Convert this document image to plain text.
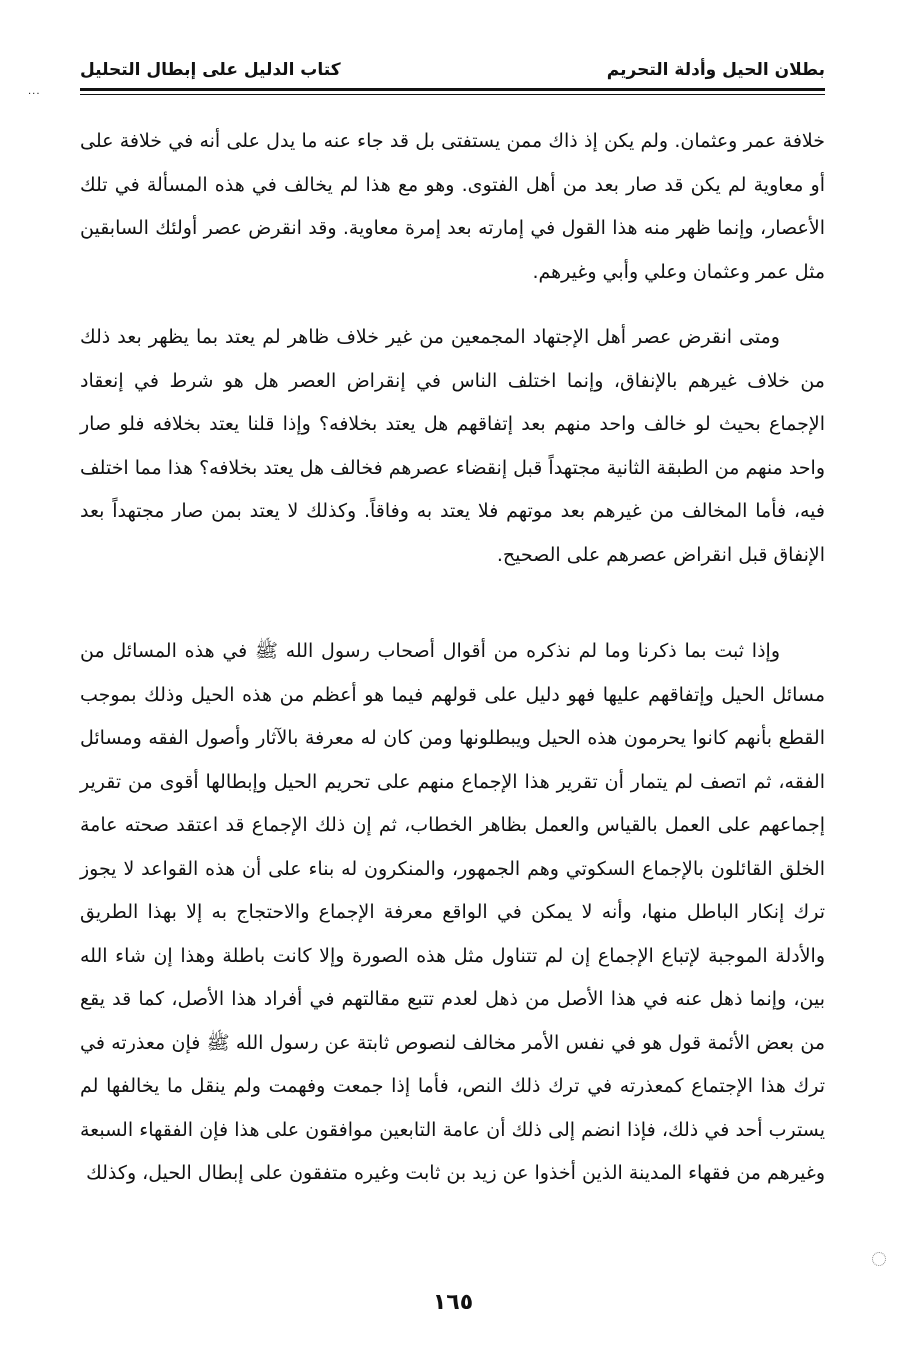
بطلان الحيل وأدلة التحريم
كتاب الدليل على إبطال التحليل
...
خلافة عمر وعثمان. ولم يكن إذ ذاك ممن يستفتى بل قد جاء عنه ما يدل على أنه في خلافة على أو معاوية لم يكن قد صار بعد من أهل الفتوى. وهو مع هذا لم يخالف في هذه المسألة في تلك الأعصار، وإنما ظهر منه هذا القول في إمارته بعد إمرة معاوية. وقد انقرض عصر أولئك السابقين مثل عمر وعثمان وعلي وأبي وغيرهم.
ومتى انقرض عصر أهل الإجتهاد المجمعين من غير خلاف ظاهر لم يعتد بما يظهر بعد ذلك من خلاف غيرهم بالإنفاق، وإنما اختلف الناس في إنقراض العصر هل هو شرط في إنعقاد الإجماع بحيث لو خالف واحد منهم بعد إتفاقهم هل يعتد بخلافه؟ وإذا قلنا يعتد بخلافه فلو صار واحد منهم من الطبقة الثانية مجتهداً قبل إنقضاء عصرهم فخالف هل يعتد بخلافه؟ هذا مما اختلف فيه، فأما المخالف من غيرهم بعد موتهم فلا يعتد به وفاقاً. وكذلك لا يعتد بمن صار مجتهداً بعد الإنفاق قبل انقراض عصرهم على الصحيح.
وإذا ثبت بما ذكرنا وما لم نذكره من أقوال أصحاب رسول الله ﷺ في هذه المسائل من مسائل الحيل وإتفاقهم عليها فهو دليل على قولهم فيما هو أعظم من هذه الحيل وذلك بموجب القطع بأنهم كانوا يحرمون هذه الحيل ويبطلونها ومن كان له معرفة بالآثار وأصول الفقه ومسائل الفقه، ثم اتصف لم يتمار أن تقرير هذا الإجماع منهم على تحريم الحيل وإبطالها أقوى من تقرير إجماعهم على العمل بالقياس والعمل بظاهر الخطاب، ثم إن ذلك الإجماع قد اعتقد صحته عامة الخلق القائلون بالإجماع السكوتي وهم الجمهور، والمنكرون له بناء على أن هذه القواعد لا يجوز ترك إنكار الباطل منها، وأنه لا يمكن في الواقع معرفة الإجماع والاحتجاج به إلا بهذا الطريق والأدلة الموجبة لإتباع الإجماع إن لم تتناول مثل هذه الصورة وإلا كانت باطلة وهذا إن شاء الله بين، وإنما ذهل عنه في هذا الأصل من ذهل لعدم تتبع مقالتهم في أفراد هذا الأصل، كما قد يقع من بعض الأئمة قول هو في نفس الأمر مخالف لنصوص ثابتة عن رسول الله ﷺ فإن معذرته في ترك هذا الإجتماع كمعذرته في ترك ذلك النص، فأما إذا جمعت وفهمت ولم ينقل ما يخالفها لم يسترب أحد في ذلك، فإذا انضم إلى ذلك أن عامة التابعين موافقون على هذا فإن الفقهاء السبعة وغيرهم من فقهاء المدينة الذين أخذوا عن زيد بن ثابت وغيره متفقون على إبطال الحيل، وكذلك
١٦٥
